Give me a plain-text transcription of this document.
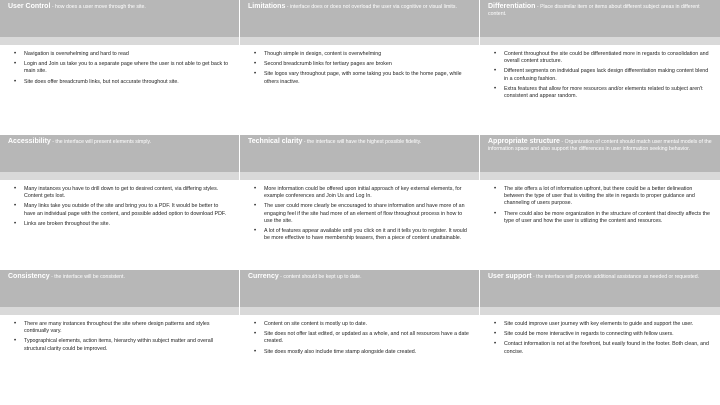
User Control - how does a user move through the site.
• Navigation is overwhelming and hard to read
• Login and Join us take you to a separate page where the user is not able to get back to main site.
• Site does offer breadcrumb links, but not accurate throughout site.
Limitations - interface does or does not overload the user via cognitive or visual limits.
• Though simple in design, content is overwhelming
• Second breadcrumb links for tertiary pages are broken
• Site logos vary throughout page, with some taking you back to the home page, while others inactive.
Differentiation - Place dissimilar item or items about different subject areas in different content.
• Content throughout the site could be differentiated more in regards to consolidation and overall content structure.
• Different segments on individual pages lack design differentiation making content blend in a confusing fashion.
• Extra features that allow for more resources and/or elements related to subject aren't consistent and appear random.
Accessibility - the interface will present elements simply.
• Many instances you have to drill down to get to desired content, via differing styles. Content gets lost.
• Many links take you outside of the site and bring you to a PDF. It would be better to have an individual page with the content, and possible added option to download PDF.
• Links are broken throughout the site.
Technical clarity - the interface will have the highest possible fidelity.
• More information could be offered upon initial approach of key external elements, for example conferences and Join Us and Log In.
• The user could more clearly be encouraged to share information and have more of an engaging feel if the site had more of an element of flow throughout process in how to use the site.
• A lot of features appear available until you click on it and it tells you to register. It would be more effective to have membership teasers, then a piece of content unattainable.
Appropriate structure - Organization of content should match user mental models of the information space and also support the differences in user information seeking behavior.
• The site offers a lot of information upfront, but there could be a better delineation between the type of user that is visiting the site in regards to proper guidance and channeling of users purpose.
• There could also be more organization in the structure of content that directly affects the type of user and how the user is utilizing the content and resources.
Consistency - the interface will be consistent.
• There are many instances throughout the site where design patterns and styles continually vary.
• Typographical elements, action items, hierarchy within subject matter and overall structural clarity could be improved.
Currency - content should be kept up to date.
• Content on site content is mostly up to date.
• Site does not offer last edited, or updated as a whole, and not all resources have a date created.
• Site does mostly also include time stamp alongside date created.
User support - the interface will provide additional assistance as needed or requested.
• Site could improve user journey with key elements to guide and support the user.
• Site could be more interactive in regards to connecting with fellow users.
• Contact information is not at the forefront, but easily found in the footer. Both clean, and concise.
